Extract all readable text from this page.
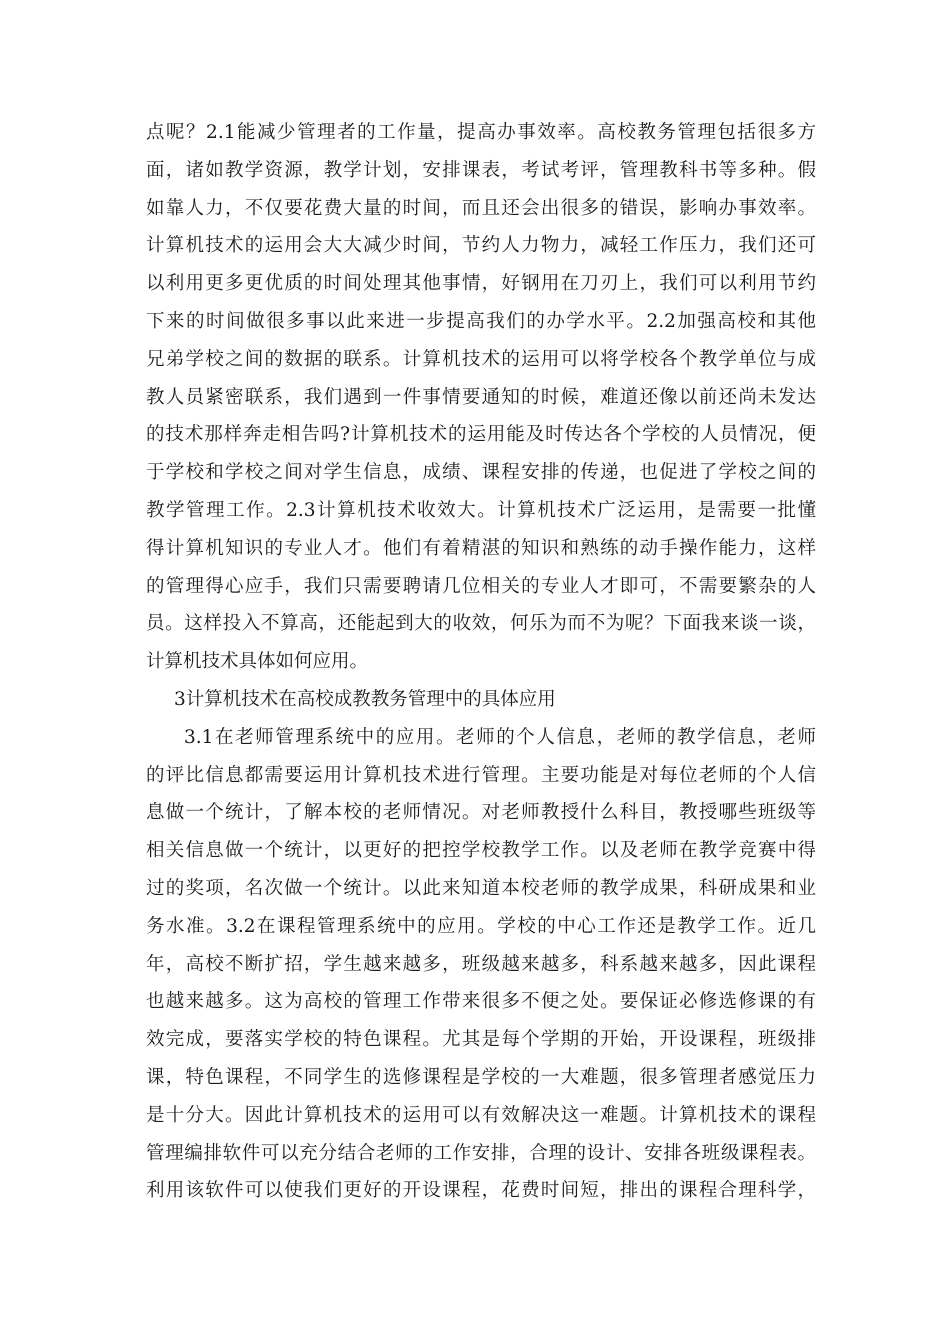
点呢？2.1能减少管理者的工作量，提高办事效率。高校教务管理包括很多方
面，诸如教学资源，教学计划，安排课表，考试考评，管理教科书等多种。假
如靠人力，不仅要花费大量的时间，而且还会出很多的错误，影响办事效率。
计算机技术的运用会大大减少时间，节约人力物力，减轻工作压力，我们还可
以利用更多更优质的时间处理其他事情，好钢用在刀刃上，我们可以利用节约
下来的时间做很多事以此来进一步提高我们的办学水平。2.2加强高校和其他
兄弟学校之间的数据的联系。计算机技术的运用可以将学校各个教学单位与成
教人员紧密联系，我们遇到一件事情要通知的时候，难道还像以前还尚未发达
的技术那样奔走相告吗?计算机技术的运用能及时传达各个学校的人员情况，便
于学校和学校之间对学生信息，成绩、课程安排的传递，也促进了学校之间的
教学管理工作。2.3计算机技术收效大。计算机技术广泛运用，是需要一批懂
得计算机知识的专业人才。他们有着精湛的知识和熟练的动手操作能力，这样
的管理得心应手，我们只需要聘请几位相关的专业人才即可，不需要繁杂的人
员。这样投入不算高，还能起到大的收效，何乐为而不为呢？下面我来谈一谈，
计算机技术具体如何应用。
3计算机技术在高校成教教务管理中的具体应用
3.1在老师管理系统中的应用。老师的个人信息，老师的教学信息，老师
的评比信息都需要运用计算机技术进行管理。主要功能是对每位老师的个人信
息做一个统计，了解本校的老师情况。对老师教授什么科目，教授哪些班级等
相关信息做一个统计，以更好的把控学校教学工作。以及老师在教学竞赛中得
过的奖项，名次做一个统计。以此来知道本校老师的教学成果，科研成果和业
务水准。3.2在课程管理系统中的应用。学校的中心工作还是教学工作。近几
年，高校不断扩招，学生越来越多，班级越来越多，科系越来越多，因此课程
也越来越多。这为高校的管理工作带来很多不便之处。要保证必修选修课的有
效完成，要落实学校的特色课程。尤其是每个学期的开始，开设课程，班级排
课，特色课程，不同学生的选修课程是学校的一大难题，很多管理者感觉压力
是十分大。因此计算机技术的运用可以有效解决这一难题。计算机技术的课程
管理编排软件可以充分结合老师的工作安排，合理的设计、安排各班级课程表。
利用该软件可以使我们更好的开设课程，花费时间短，排出的课程合理科学，
